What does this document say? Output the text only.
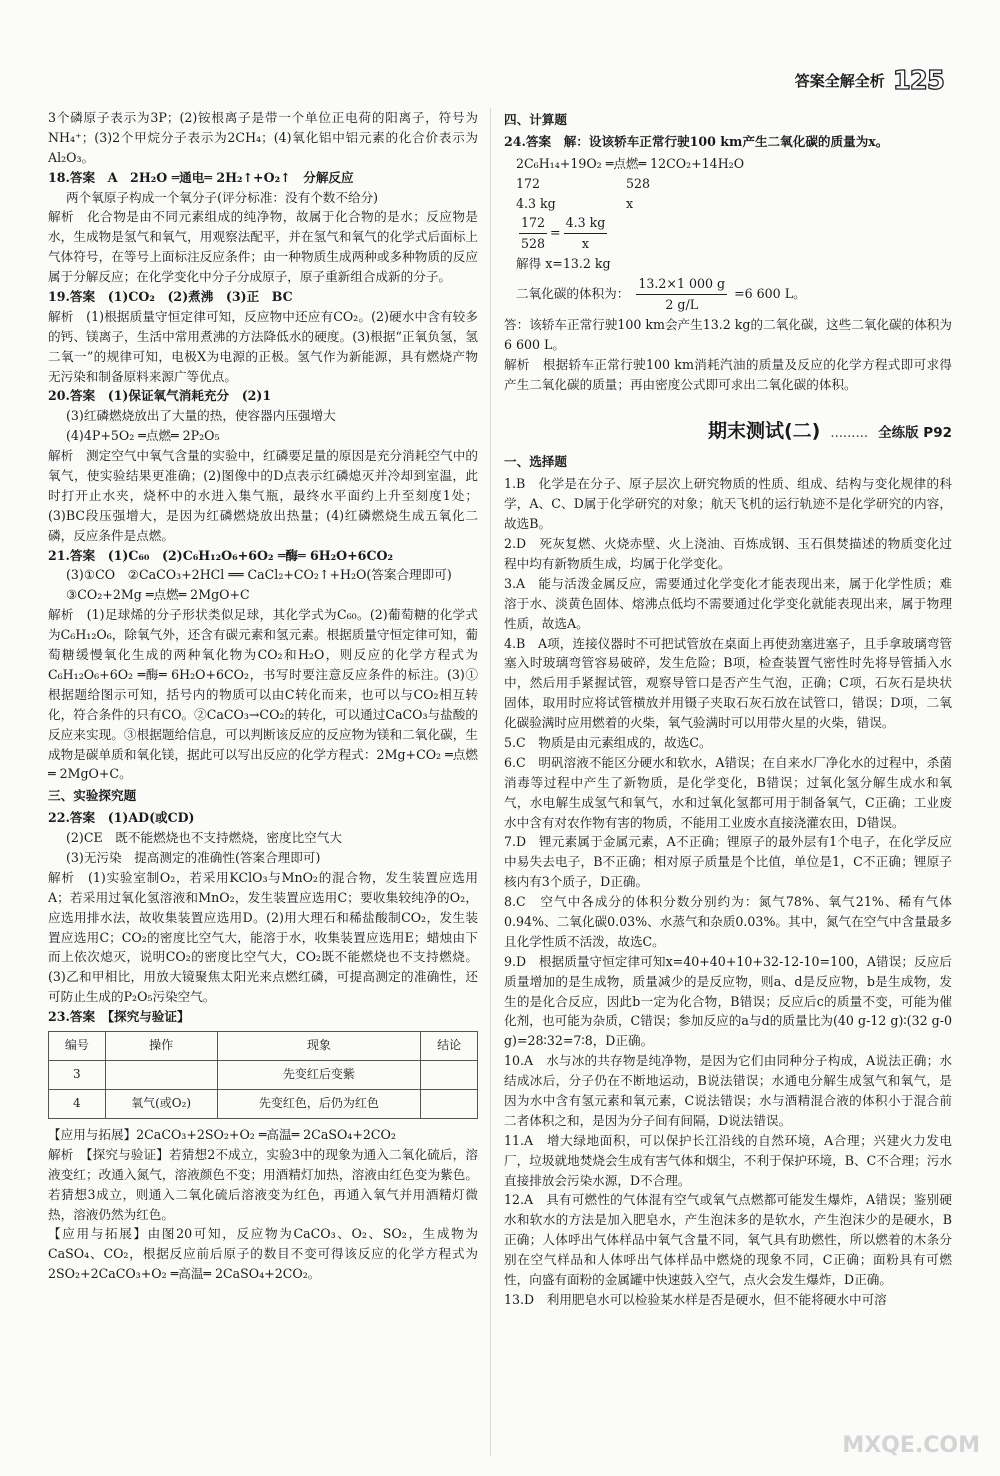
答案全解全析 125

3个磷原子表示为3P；(2)铵根离子是带一个单位正电荷的阳离子，符号为NH₄⁺；(3)2个甲烷分子表示为2CH₄；(4)氧化铝中铝元素的化合价表示为Al₂O₃。

18.答案　A　2H₂O ═通电═ 2H₂↑+O₂↑　分解反应

两个氧原子构成一个氧分子(评分标准：没有个数不给分)

解析　化合物是由不同元素组成的纯净物，故属于化合物的是水；反应物是水，生成物是氢气和氧气，用观察法配平，并在氢气和氧气的化学式后面标上气体符号，在等号上面标注反应条件；由一种物质生成两种或多种物质的反应属于分解反应；在化学变化中分子分成原子，原子重新组合成新的分子。

19.答案　(1)CO₂　(2)煮沸　(3)正　BC

解析　(1)根据质量守恒定律可知，反应物中还应有CO₂。(2)硬水中含有较多的钙、镁离子，生活中常用煮沸的方法降低水的硬度。(3)根据“正氧负氢，氢二氧一”的规律可知，电极X为电源的正极。氢气作为新能源，具有燃烧产物无污染和制备原料来源广等优点。

20.答案　(1)保证氧气消耗充分　(2)1

(3)红磷燃烧放出了大量的热，使容器内压强增大

(4)4P+5O₂ ═点燃═ 2P₂O₅

解析　测定空气中氧气含量的实验中，红磷要足量的原因是充分消耗空气中的氧气，使实验结果更准确；(2)图像中的D点表示红磷熄灭并冷却到室温，此时打开止水夹，烧杯中的水进入集气瓶，最终水平面约上升至刻度1处；(3)BC段压强增大，是因为红磷燃烧放出热量；(4)红磷燃烧生成五氧化二磷，反应条件是点燃。

21.答案　(1)C₆₀　(2)C₆H₁₂O₆+6O₂ ═酶═ 6H₂O+6CO₂

(3)①CO　②CaCO₃+2HCl ══ CaCl₂+CO₂↑+H₂O(答案合理即可)

③CO₂+2Mg ═点燃═ 2MgO+C

解析　(1)足球烯的分子形状类似足球，其化学式为C₆₀。(2)葡萄糖的化学式为C₆H₁₂O₆，除氧气外，还含有碳元素和氢元素。根据质量守恒定律可知，葡萄糖缓慢氧化生成的两种氧化物为CO₂和H₂O，则反应的化学方程式为C₆H₁₂O₆+6O₂ ═酶═ 6H₂O+6CO₂，书写时要注意反应条件的标注。(3)①根据题给图示可知，括号内的物质可以由C转化而来，也可以与CO₂相互转化，符合条件的只有CO。②CaCO₃→CO₂的转化，可以通过CaCO₃与盐酸的反应来实现。③根据题给信息，可以判断该反应的反应物为镁和二氧化碳，生成物是碳单质和氧化镁，据此可以写出反应的化学方程式：2Mg+CO₂ ═点燃═ 2MgO+C。

三、实验探究题

22.答案　(1)AD(或CD)

(2)CE　既不能燃烧也不支持燃烧，密度比空气大

(3)无污染　提高测定的准确性(答案合理即可)

解析　(1)实验室制O₂，若采用KClO₃与MnO₂的混合物，发生装置应选用A；若采用过氧化氢溶液和MnO₂，发生装置应选用C；要收集较纯净的O₂，应选用排水法，故收集装置应选用D。(2)用大理石和稀盐酸制CO₂，发生装置应选用C；CO₂的密度比空气大，能溶于水，收集装置应选用E；蜡烛由下而上依次熄灭，说明CO₂的密度比空气大，CO₂既不能燃烧也不支持燃烧。(3)乙和甲相比，用放大镜聚焦太阳光来点燃红磷，可提高测定的准确性，还可防止生成的P₂O₅污染空气。

23.答案　【探究与验证】

编号	操作	现象	结论
3		先变红后变紫	
4	氧气(或O₂)	先变红色，后仍为红色	

【应用与拓展】2CaCO₃+2SO₂+O₂ ═高温═ 2CaSO₄+2CO₂

解析　【探究与验证】若猜想2不成立，实验3中的现象为通入二氧化硫后，溶液变红；改通入氮气，溶液颜色不变；用酒精灯加热，溶液由红色变为紫色。若猜想3成立，则通入二氧化硫后溶液变为红色，再通入氧气并用酒精灯微热，溶液仍然为红色。

【应用与拓展】由图20可知，反应物为CaCO₃、O₂、SO₂，生成物为CaSO₄、CO₂，根据反应前后原子的数目不变可得该反应的化学方程式为2SO₂+2CaCO₃+O₂ ═高温═ 2CaSO₄+2CO₂。

四、计算题

24.答案　解：设该轿车正常行驶100 km产生二氧化碳的质量为x。

2C₆H₁₄+19O₂ ═点燃═ 12CO₂+14H₂O
172	528
4.3 kg	x
$\frac{172}{528} = \frac{4.3 kg}{x}$
解得 x=13.2 kg
二氧化碳的体积为： $\frac{13.2\times 1 000 g}{2 g/L} =6$ 600 L。

答：该轿车正常行驶100 km会产生13.2 kg的二氧化碳，这些二氧化碳的体积为6 600 L。

解析　根据轿车正常行驶100 km消耗汽油的质量及反应的化学方程式即可求得产生二氧化碳的质量；再由密度公式即可求出二氧化碳的体积。

期末测试(二) ……… 全练版 P92

一、选择题

1.B　化学是在分子、原子层次上研究物质的性质、组成、结构与变化规律的科学，A、C、D属于化学研究的对象；航天飞机的运行轨迹不是化学研究的内容，故选B。

2.D　死灰复燃、火烧赤壁、火上浇油、百炼成钢、玉石俱焚描述的物质变化过程中均有新物质生成，均属于化学变化。

3.A　能与活泼金属反应，需要通过化学变化才能表现出来，属于化学性质；难溶于水、淡黄色固体、熔沸点低均不需要通过化学变化就能表现出来，属于物理性质，故选A。

4.B　A项，连接仪器时不可把试管放在桌面上再使劲塞进塞子，且手拿玻璃弯管塞入时玻璃弯管容易破碎，发生危险；B项，检查装置气密性时先将导管插入水中，然后用手紧握试管，观察导管口是否产生气泡，正确；C项，石灰石是块状固体，取用时应将试管横放并用镊子夹取石灰石放在试管口，错误；D项，二氧化碳验满时应用燃着的火柴，氧气验满时可以用带火星的火柴，错误。

5.C　物质是由元素组成的，故选C。

6.C　明矾溶液不能区分硬水和软水，A错误；在自来水厂净化水的过程中，杀菌消毒等过程中产生了新物质，是化学变化，B错误；过氧化氢分解生成水和氧气，水电解生成氢气和氧气，水和过氧化氢都可用于制备氧气，C正确；工业废水中含有对农作物有害的物质，不能用工业废水直接浇灌农田，D错误。

7.D　锂元素属于金属元素，A不正确；锂原子的最外层有1个电子，在化学反应中易失去电子，B不正确；相对原子质量是个比值，单位是1，C不正确；锂原子核内有3个质子，D正确。

8.C　空气中各成分的体积分数分别约为：氮气78%、氧气21%、稀有气体0.94%、二氧化碳0.03%、水蒸气和杂质0.03%。其中，氮气在空气中含量最多且化学性质不活泼，故选C。

9.D　根据质量守恒定律可知x=40+40+10+32-12-10=100，A错误；反应后质量增加的是生成物，质量减少的是反应物，则a、d是反应物，b是生成物，发生的是化合反应，因此b一定为化合物，B错误；反应后c的质量不变，可能为催化剂，也可能为杂质，C错误；参加反应的a与d的质量比为(40 g-12 g)∶(32 g-0 g)=28∶32=7∶8，D正确。

10.A　水与冰的共存物是纯净物，是因为它们由同种分子构成，A说法正确；水结成冰后，分子仍在不断地运动，B说法错误；水通电分解生成氢气和氧气，是因为水中含有氢元素和氧元素，C说法错误；水与酒精混合液的体积小于混合前二者体积之和，是因为分子间有间隔，D说法错误。

11.A　增大绿地面积，可以保护长江沿线的自然环境，A合理；兴建火力发电厂，垃圾就地焚烧会生成有害气体和烟尘，不利于保护环境，B、C不合理；污水直接排放会污染水源，D不合理。

12.A　具有可燃性的气体混有空气或氧气点燃都可能发生爆炸，A错误；鉴别硬水和软水的方法是加入肥皂水，产生泡沫多的是软水，产生泡沫少的是硬水，B正确；人体呼出气体样品中氧气含量不同，氧气具有助燃性，所以燃着的木条分别在空气样品和人体呼出气体样品中燃烧的现象不同，C正确；面粉具有可燃性，向盛有面粉的金属罐中快速鼓入空气，点火会发生爆炸，D正确。

13.D　利用肥皂水可以检验某水样是否是硬水，但不能将硬水中可溶

MXQE.COM
